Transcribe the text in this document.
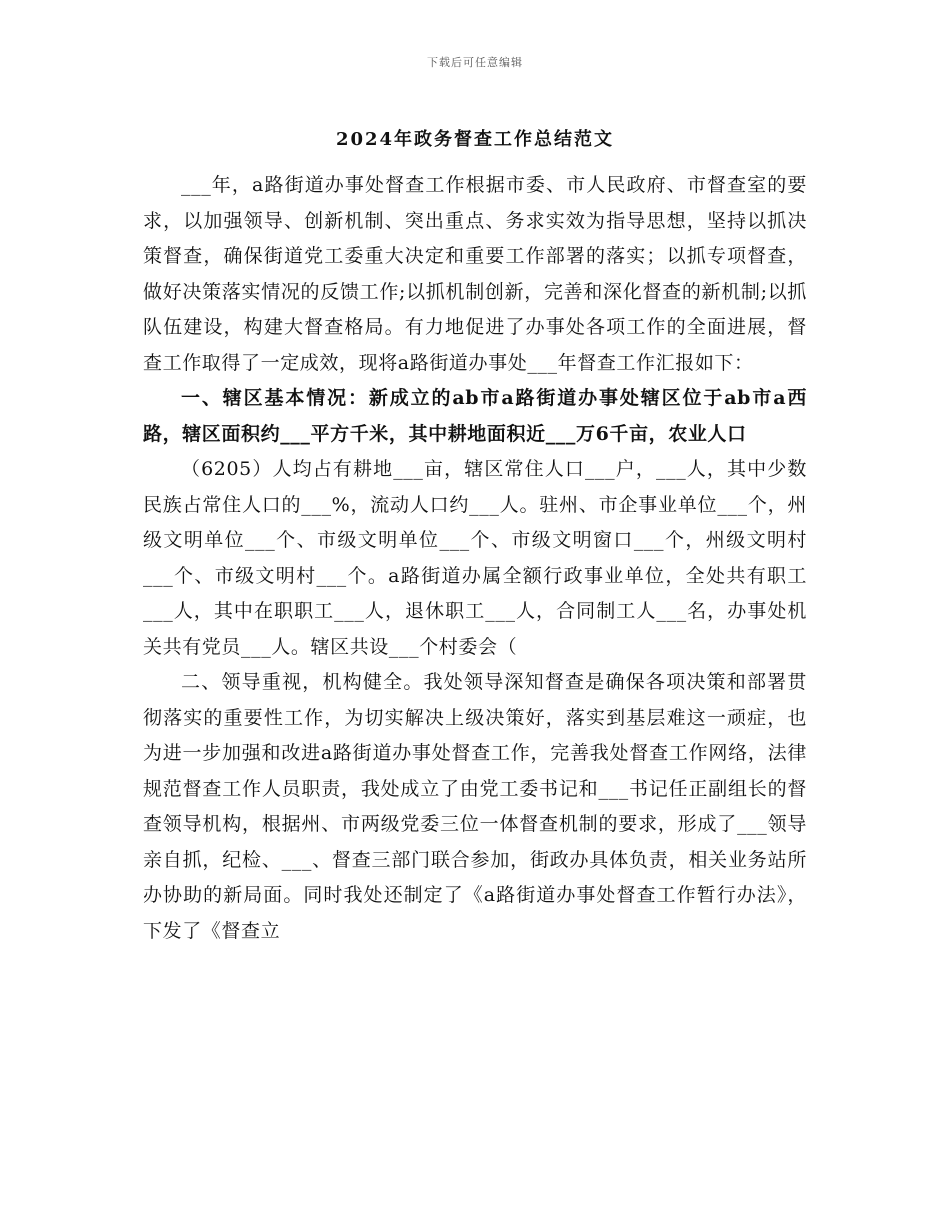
下载后可任意编辑
2024年政务督查工作总结范文

___年，a路街道办事处督查工作根据市委、市人民政府、市督查室的要求，以加强领导、创新机制、突出重点、务求实效为指导思想，坚持以抓决策督查，确保街道党工委重大决定和重要工作部署的落实；以抓专项督查，做好决策落实情况的反馈工作;以抓机制创新，完善和深化督查的新机制;以抓队伍建设，构建大督查格局。有力地促进了办事处各项工作的全面进展，督查工作取得了一定成效，现将a路街道办事处___年督查工作汇报如下：

一、辖区基本情况：新成立的ab市a路街道办事处辖区位于ab市a西路，辖区面积约___平方千米，其中耕地面积近___万6千亩，农业人口

（6205）人均占有耕地___亩，辖区常住人口___户，___人，其中少数民族占常住人口的___%，流动人口约___人。驻州、市企事业单位___个，州级文明单位___个、市级文明单位___个、市级文明窗口___个，州级文明村___个、市级文明村___个。a路街道办属全额行政事业单位，全处共有职工___人，其中在职职工___人，退休职工___人，合同制工人___名，办事处机关共有党员___人。辖区共设___个村委会（

二、领导重视，机构健全。我处领导深知督查是确保各项决策和部署贯彻落实的重要性工作，为切实解决上级决策好，落实到基层难这一顽症，也为进一步加强和改进a路街道办事处督查工作，完善我处督查工作网络，法律规范督查工作人员职责，我处成立了由党工委书记和___书记任正副组长的督查领导机构，根据州、市两级党委三位一体督查机制的要求，形成了___领导亲自抓，纪检、___、督查三部门联合参加，街政办具体负责，相关业务站所办协助的新局面。同时我处还制定了《a路街道办事处督查工作暂行办法》，下发了《督查立
